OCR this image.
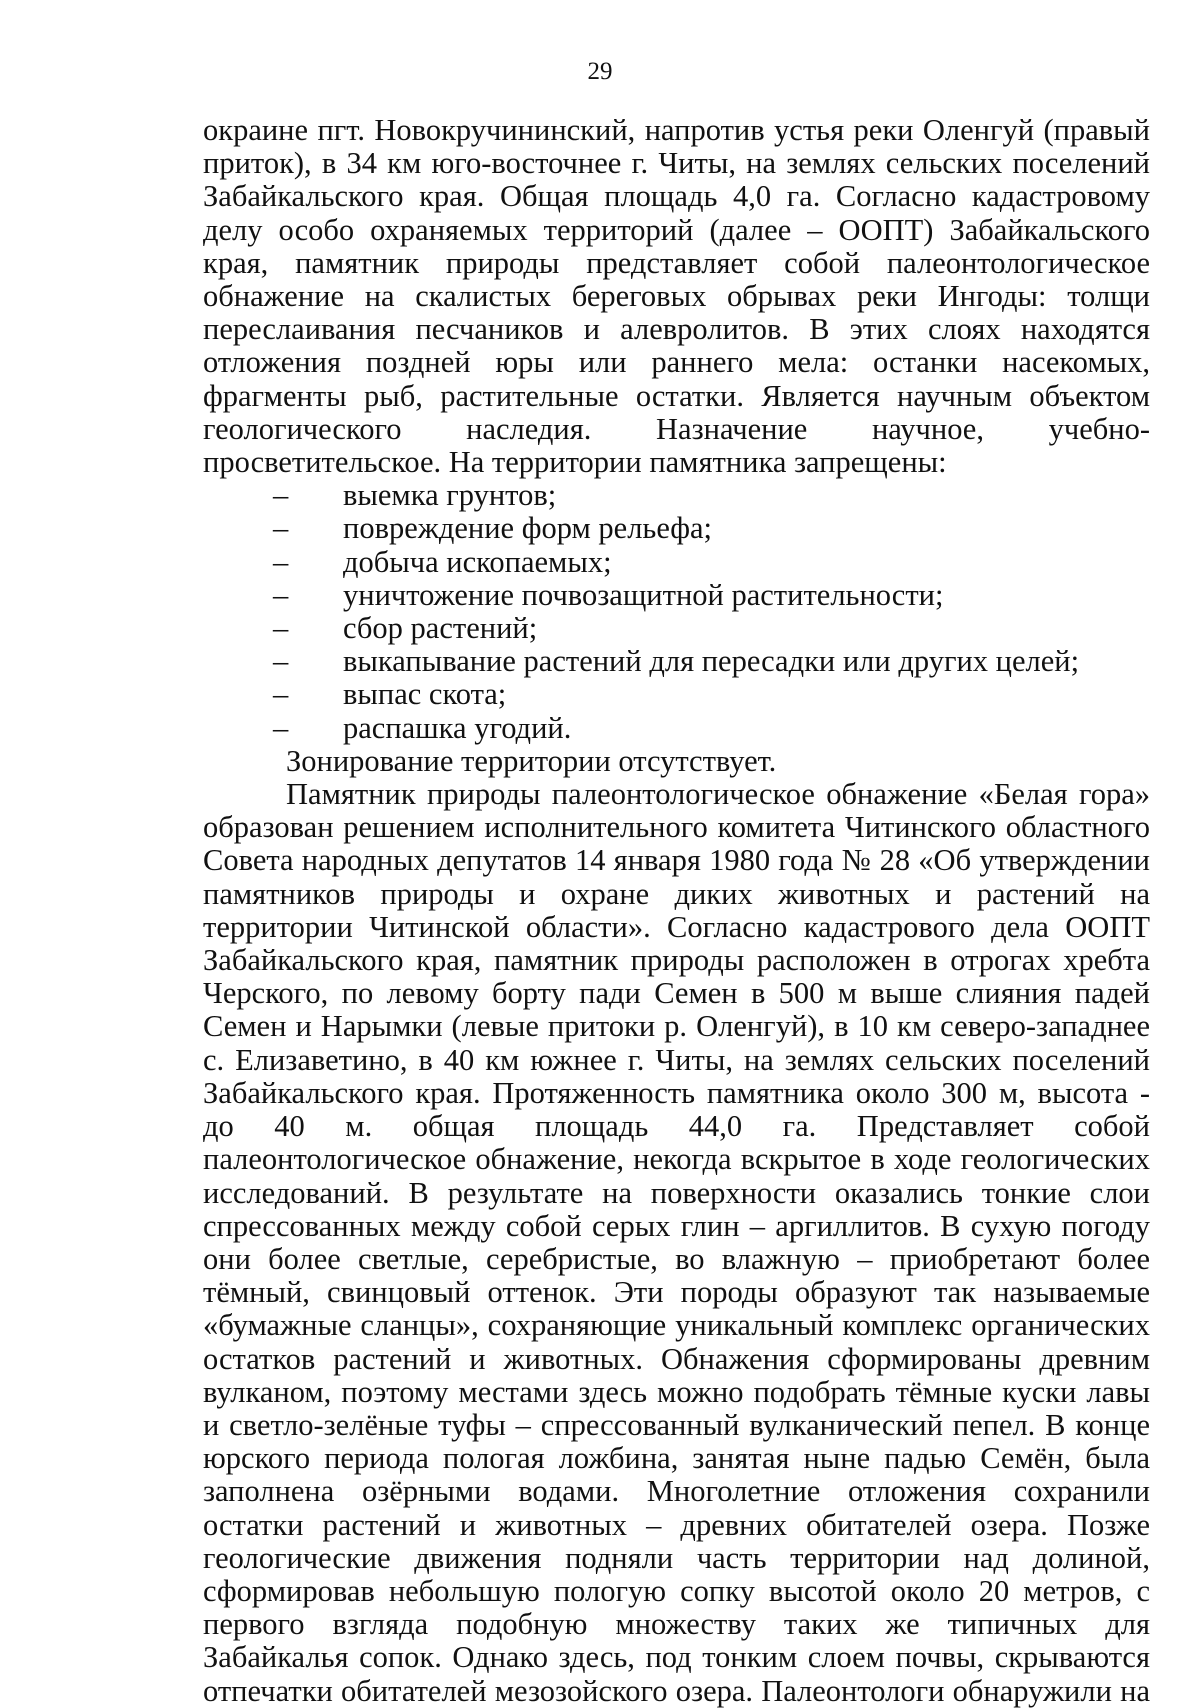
29

окраине пгт. Новокручининский, напротив устья реки Оленгуй (правый приток), в 34 км юго-восточнее г. Читы, на землях сельских поселений Забайкальского края. Общая площадь 4,0 га. Согласно кадастровому делу особо охраняемых территорий (далее – ООПТ) Забайкальского края, памятник природы представляет собой палеонтологическое обнажение на скалистых береговых обрывах реки Ингоды: толщи переслаивания песчаников и алевролитов. В этих слоях находятся отложения поздней юры или раннего мела: останки насекомых, фрагменты рыб, растительные остатки. Является научным объектом геологического наследия. Назначение научное, учебно-просветительское. На территории памятника запрещены:

– выемка грунтов;
– повреждение форм рельефа;
– добыча ископаемых;
– уничтожение почвозащитной растительности;
– сбор растений;
– выкапывание растений для пересадки или других целей;
– выпас скота;
– распашка угодий.

Зонирование территории отсутствует.

Памятник природы палеонтологическое обнажение «Белая гора» образован решением исполнительного комитета Читинского областного Совета народных депутатов 14 января 1980 года № 28 «Об утверждении памятников природы и охране диких животных и растений на территории Читинской области». Согласно кадастрового дела ООПТ Забайкальского края, памятник природы расположен в отрогах хребта Черского, по левому борту пади Семен в 500 м выше слияния падей Семен и Нарымки (левые притоки р. Оленгуй), в 10 км северо-западнее с. Елизаветино, в 40 км южнее г. Читы, на землях сельских поселений Забайкальского края. Протяженность памятника около 300 м, высота - до 40 м. общая площадь 44,0 га. Представляет собой палеонтологическое обнажение, некогда вскрытое в ходе геологических исследований. В результате на поверхности оказались тонкие слои спрессованных между собой серых глин – аргиллитов. В сухую погоду они более светлые, серебристые, во влажную – приобретают более тёмный, свинцовый оттенок. Эти породы образуют так называемые «бумажные сланцы», сохраняющие уникальный комплекс органических остатков растений и животных. Обнажения сформированы древним вулканом, поэтому местами здесь можно подобрать тёмные куски лавы и светло-зелёные туфы – спрессованный вулканический пепел. В конце юрского периода пологая ложбина, занятая ныне падью Семён, была заполнена озёрными водами. Многолетние отложения сохранили остатки растений и животных – древних обитателей озера. Позже геологические движения подняли часть территории над долиной, сформировав небольшую пологую сопку высотой около 20 метров, с первого взгляда подобную множеству таких же типичных для Забайкалья сопок. Однако здесь, под тонким слоем почвы, скрываются отпечатки обитателей мезозойского озера. Палеонтологи обнаружили на
